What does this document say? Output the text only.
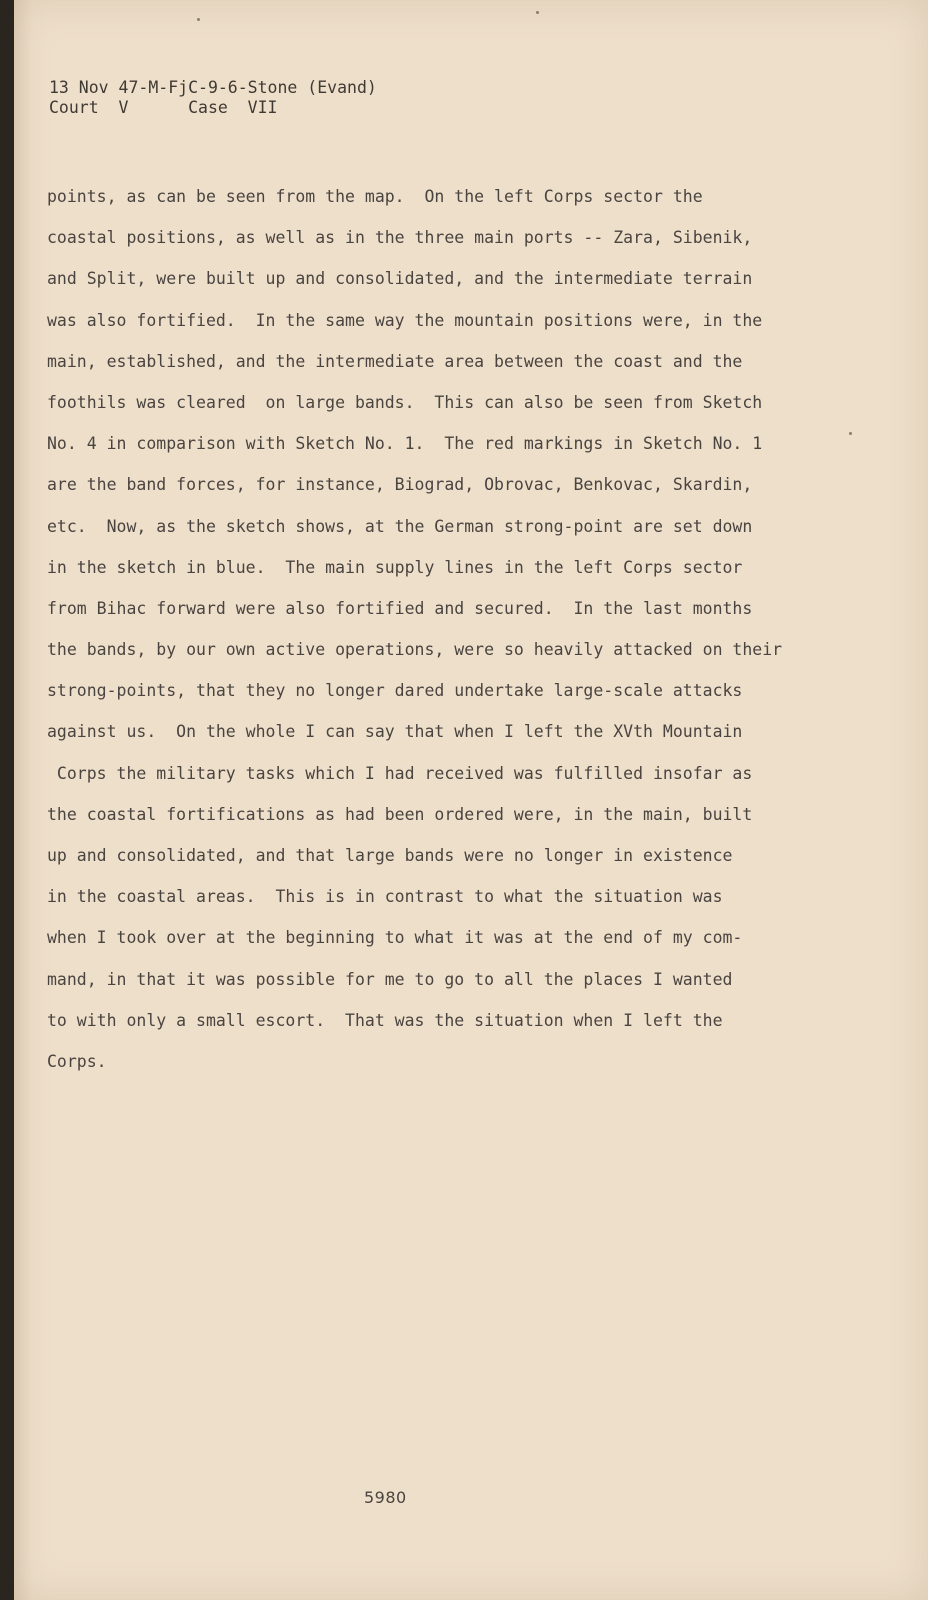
13 Nov 47-M-FjC-9-6-Stone (Evand)
Court  V      Case  VII
points, as can be seen from the map.  On the left Corps sector the
coastal positions, as well as in the three main ports -- Zara, Sibenik,
and Split, were built up and consolidated, and the intermediate terrain
was also fortified.  In the same way the mountain positions were, in the
main, established, and the intermediate area between the coast and the
foothils was cleared  on large bands.  This can also be seen from Sketch
No. 4 in comparison with Sketch No. 1.  The red markings in Sketch No. 1
are the band forces, for instance, Biograd, Obrovac, Benkovac, Skardin,
etc.  Now, as the sketch shows, at the German strong-point are set down
in the sketch in blue.  The main supply lines in the left Corps sector
from Bihac forward were also fortified and secured.  In the last months
the bands, by our own active operations, were so heavily attacked on their
strong-points, that they no longer dared undertake large-scale attacks
against us.  On the whole I can say that when I left the XVth Mountain
Corps the military tasks which I had received was fulfilled insofar as
the coastal fortifications as had been ordered were, in the main, built
up and consolidated, and that large bands were no longer in existence
in the coastal areas.  This is in contrast to what the situation was
when I took over at the beginning to what it was at the end of my com-
mand, in that it was possible for me to go to all the places I wanted
to with only a small escort.  That was the situation when I left the
Corps.
5980
